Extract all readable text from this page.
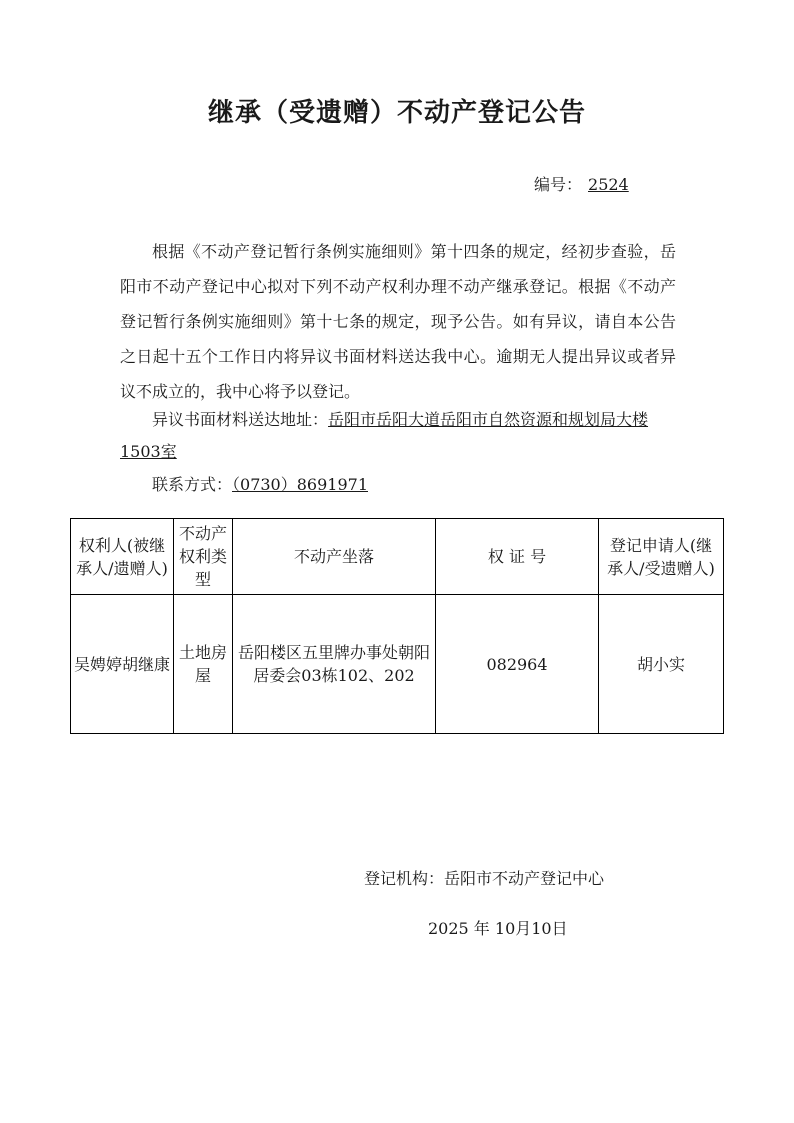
继承（受遗赠）不动产登记公告
编号： 2524

根据《不动产登记暂行条例实施细则》第十四条的规定，经初步查验，岳阳市不动产登记中心拟对下列不动产权利办理不动产继承登记。根据《不动产登记暂行条例实施细则》第十七条的规定，现予公告。如有异议，请自本公告之日起十五个工作日内将异议书面材料送达我中心。逾期无人提出异议或者异议不成立的，我中心将予以登记。

异议书面材料送达地址：岳阳市岳阳大道岳阳市自然资源和规划局大楼1503室

联系方式：（0730）8691971
权利人(被继承人/遗赠人)	不动产权利类型	不动产坐落	权 证 号	登记申请人(继承人/受遗赠人)
吴娉婷胡继康	土地房屋	岳阳楼区五里牌办事处朝阳居委会03栋102、202	082964	胡小实
登记机构：岳阳市不动产登记中心
2025 年 10月10日
